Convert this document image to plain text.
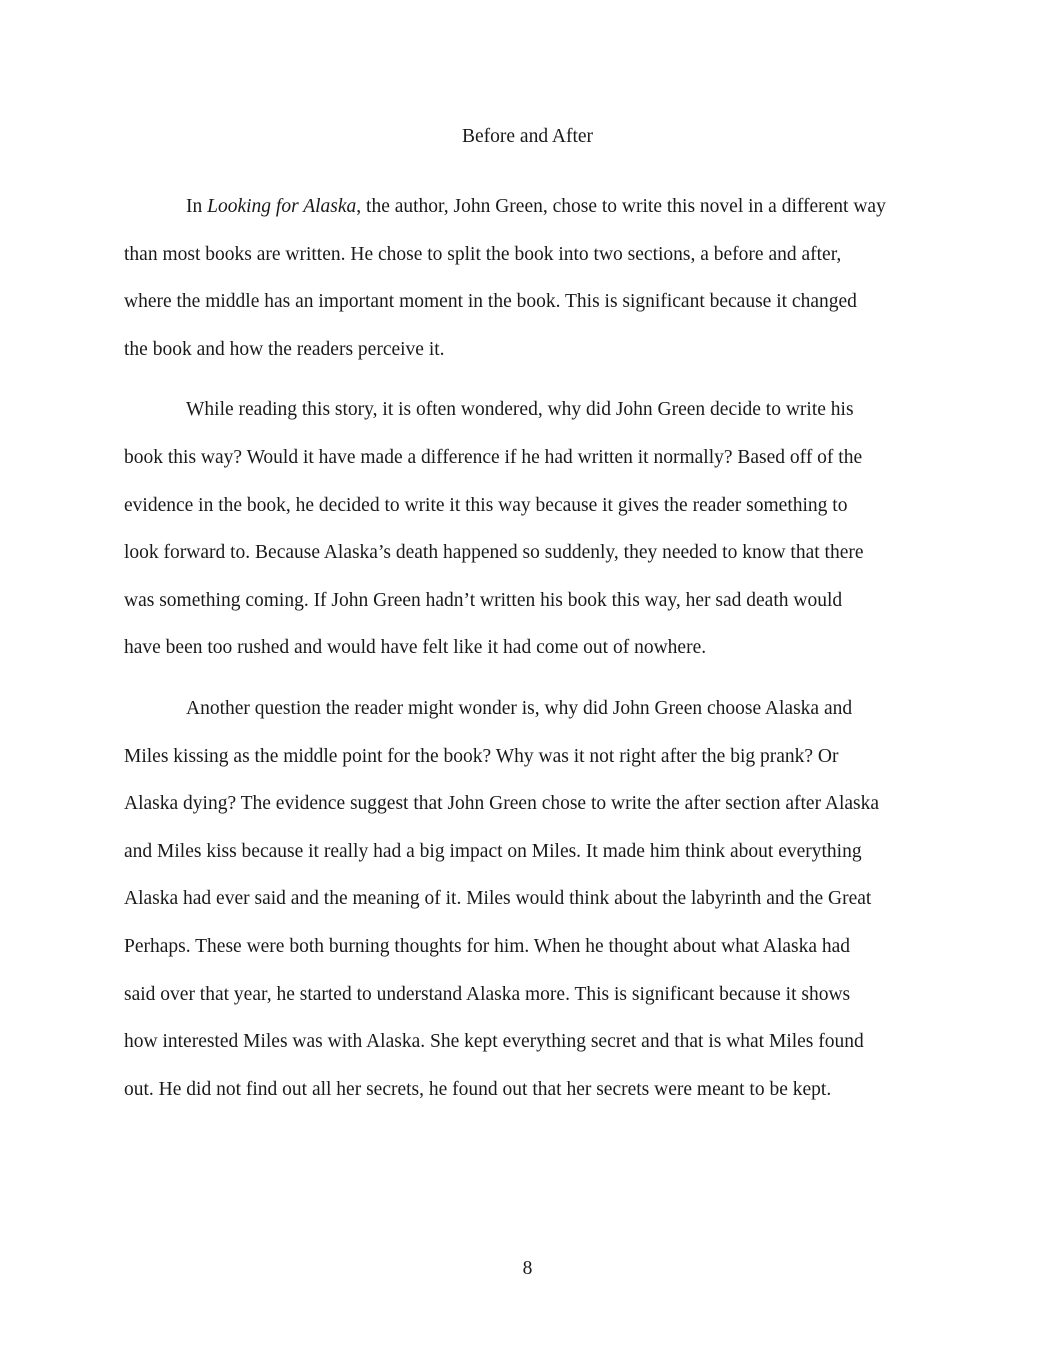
Before and After

In Looking for Alaska, the author, John Green, chose to write this novel in a different way
than most books are written. He chose to split the book into two sections, a before and after,
where the middle has an important moment in the book. This is significant because it changed
the book and how the readers perceive it.

While reading this story, it is often wondered, why did John Green decide to write his
book this way? Would it have made a difference if he had written it normally? Based off of the
evidence in the book, he decided to write it this way because it gives the reader something to
look forward to. Because Alaska’s death happened so suddenly, they needed to know that there
was something coming. If John Green hadn’t written his book this way, her sad death would
have been too rushed and would have felt like it had come out of nowhere.

Another question the reader might wonder is, why did John Green choose Alaska and
Miles kissing as the middle point for the book? Why was it not right after the big prank? Or
Alaska dying? The evidence suggest that John Green chose to write the after section after Alaska
and Miles kiss because it really had a big impact on Miles. It made him think about everything
Alaska had ever said and the meaning of it. Miles would think about the labyrinth and the Great
Perhaps. These were both burning thoughts for him. When he thought about what Alaska had
said over that year, he started to understand Alaska more. This is significant because it shows
how interested Miles was with Alaska. She kept everything secret and that is what Miles found
out. He did not find out all her secrets, he found out that her secrets were meant to be kept.

8
